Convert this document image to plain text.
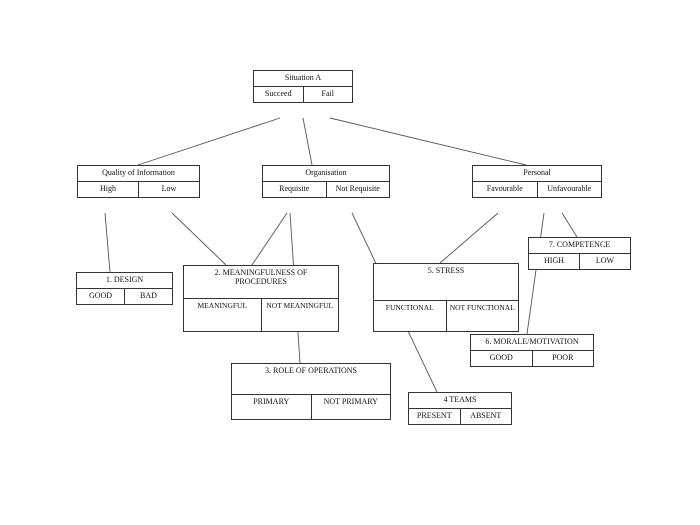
Situation A
Succeed	Fail
Quality of Information
High	Low
Organisation
Requisite	Not Requisite
Personal
Favourable	Unfavourable
7. COMPETENCE
HIGH	LOW
1. DESIGN
GOOD	BAD
2. MEANINGFULNESS OF PROCEDURES
MEANINGFUL	NOT MEANINGFUL
5. STRESS
FUNCTIONAL	NOT FUNCTIONAL
6. MORALE/MOTIVATION
GOOD	POOR
3. ROLE OF OPERATIONS
PRIMARY	NOT PRIMARY	4 TEAMS
PRESENT	ABSENT
